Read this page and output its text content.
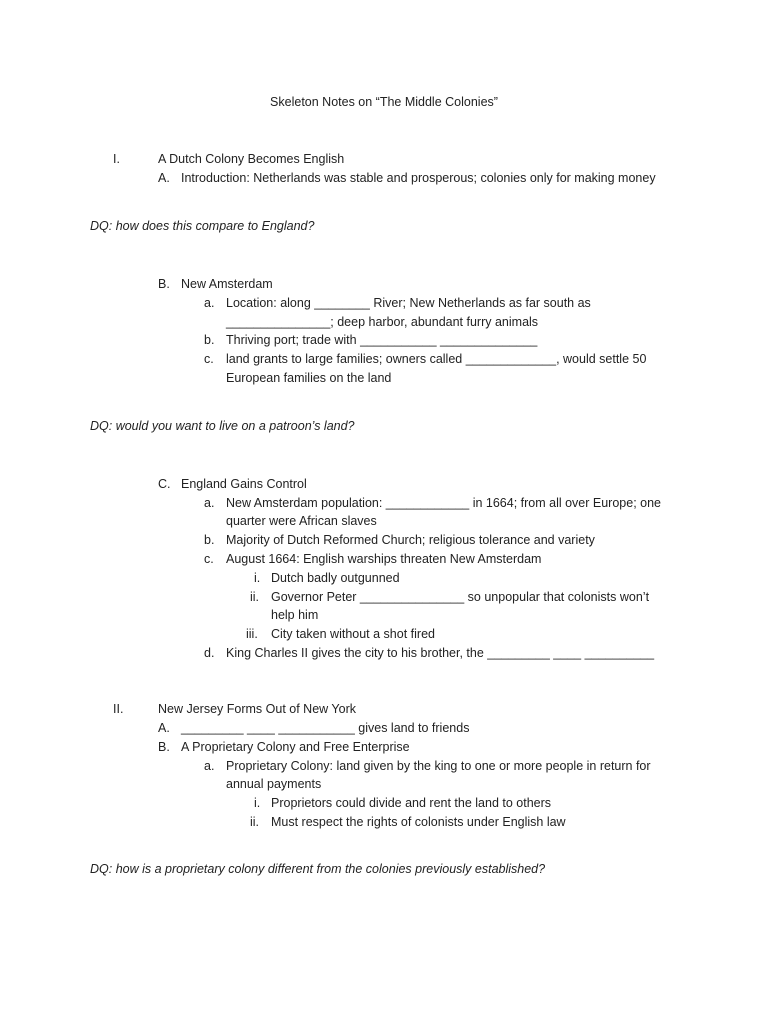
Skeleton Notes on “The Middle Colonies”
I.	A Dutch Colony Becomes English
A. Introduction: Netherlands was stable and prosperous; colonies only for making money
DQ: how does this compare to England?
B. New Amsterdam
a. Location: along ________ River; New Netherlands as far south as
_______________; deep harbor, abundant furry animals
b. Thriving port; trade with ___________ ______________
c. land grants to large families; owners called _____________, would settle 50
European families on the land
DQ: would you want to live on a patroon’s land?
C. England Gains Control
a. New Amsterdam population: ____________ in 1664; from all over Europe; one
quarter were African slaves
b. Majority of Dutch Reformed Church; religious tolerance and variety
c. August 1664: English warships threaten New Amsterdam
i. Dutch badly outgunned
ii. Governor Peter _______________ so unpopular that colonists won’t
help him
iii. City taken without a shot fired
d. King Charles II gives the city to his brother, the _________ ____ __________
II.	New Jersey Forms Out of New York
A. _________ ____ ___________ gives land to friends
B. A Proprietary Colony and Free Enterprise
a. Proprietary Colony: land given by the king to one or more people in return for
annual payments
i. Proprietors could divide and rent the land to others
ii. Must respect the rights of colonists under English law
DQ: how is a proprietary colony different from the colonies previously established?
